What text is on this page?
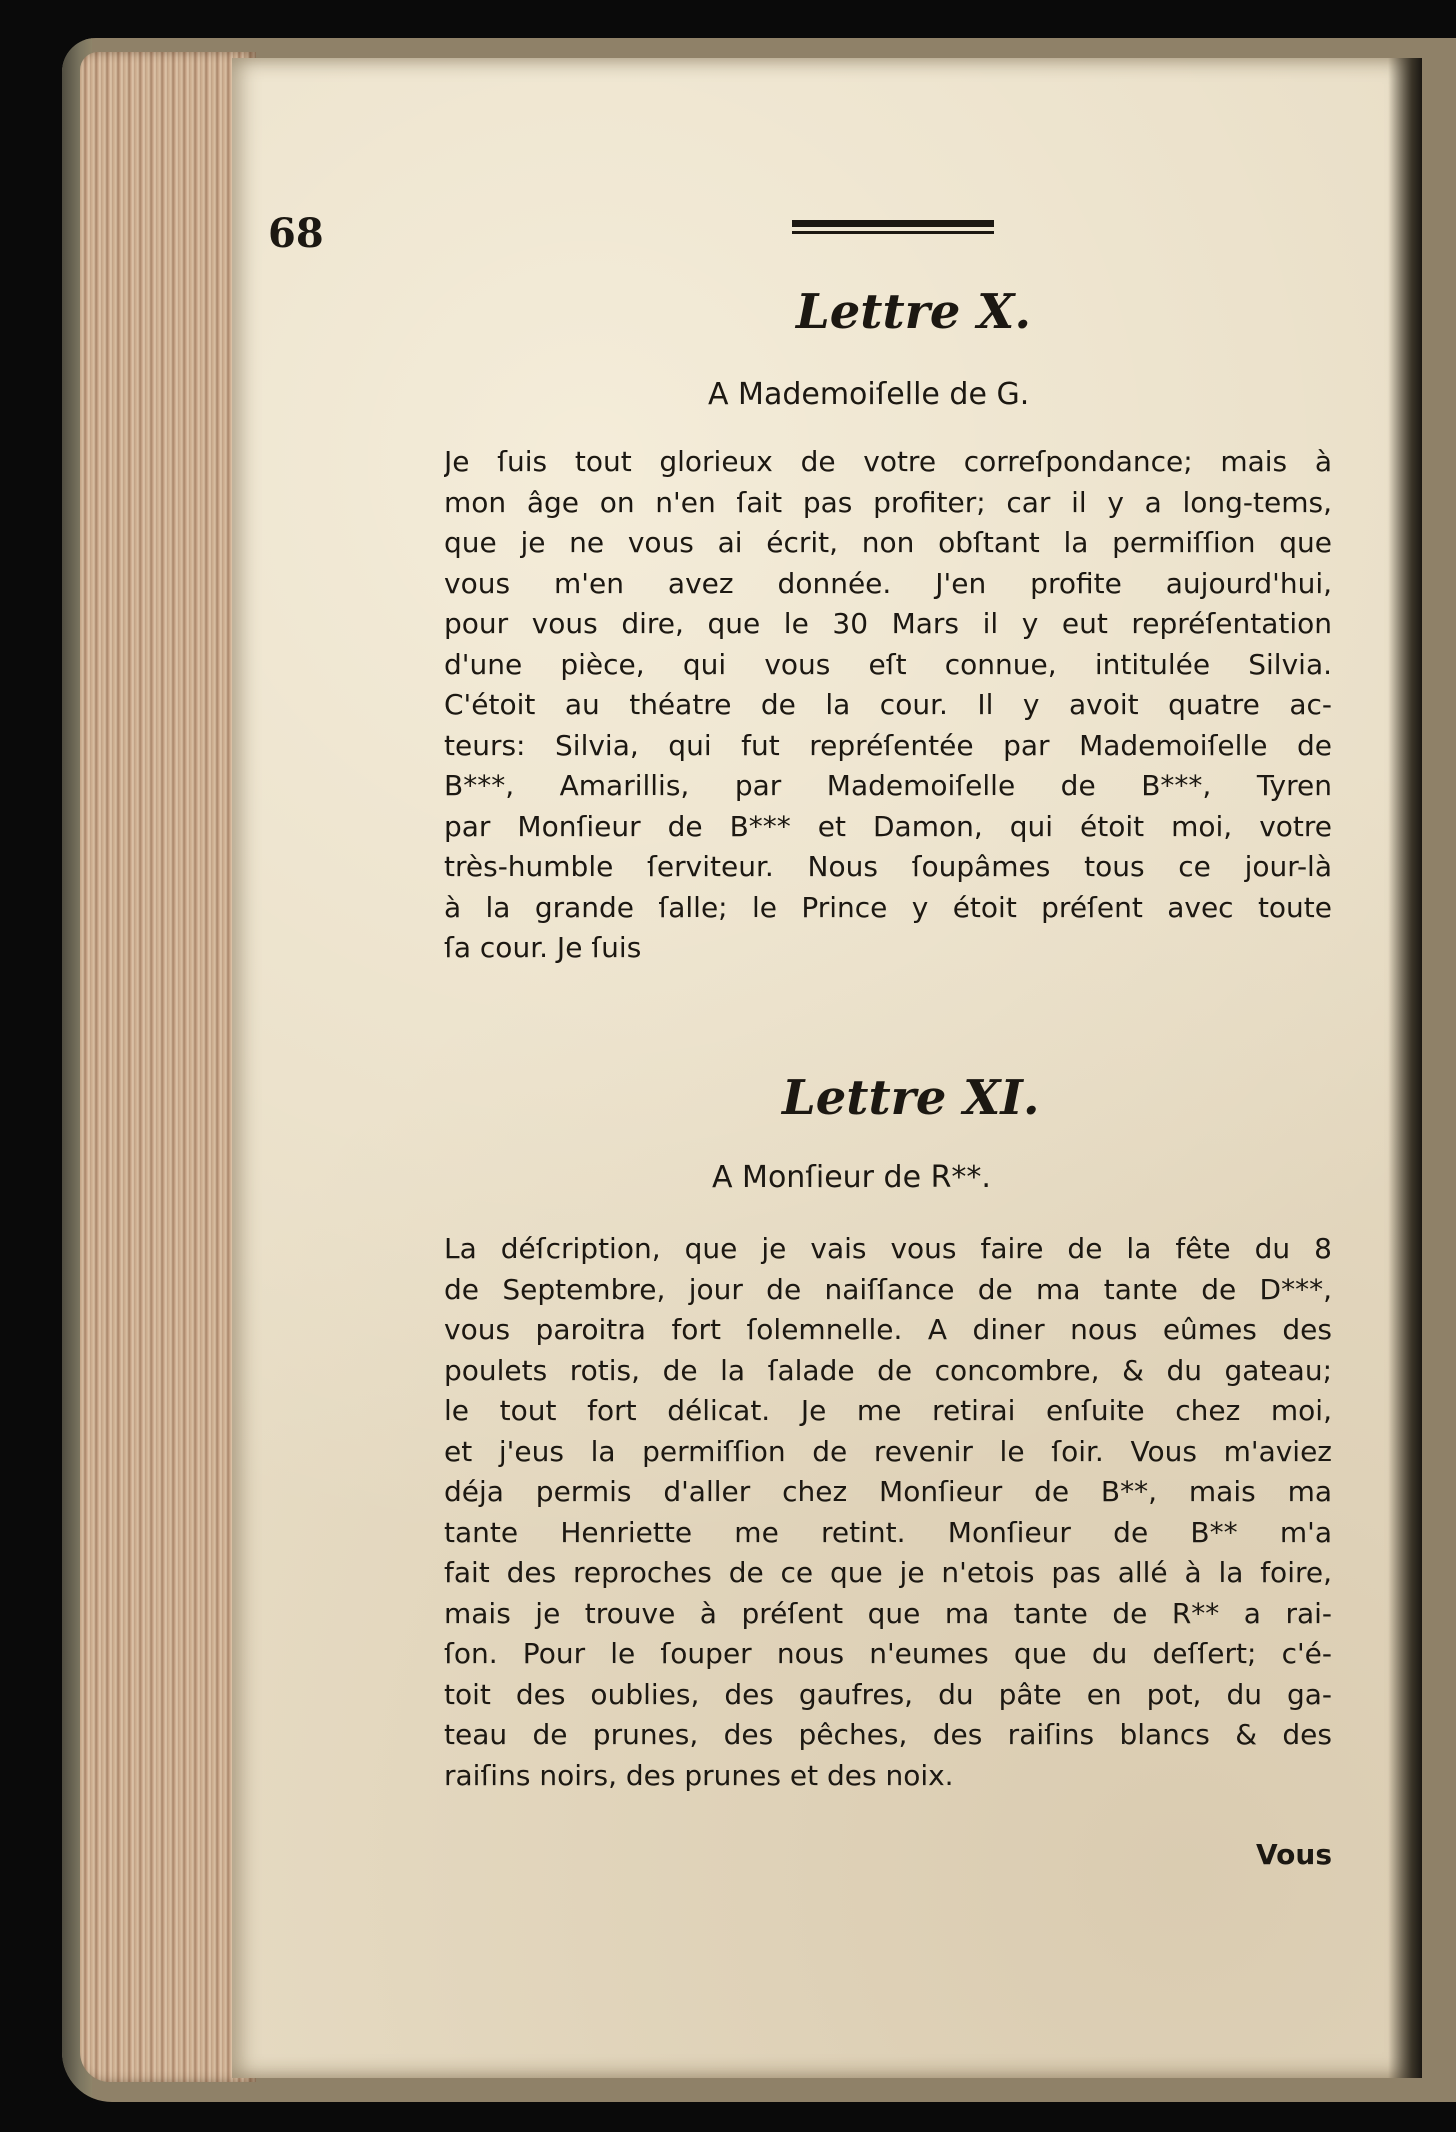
68
Lettre X.
A Mademoiſelle de G.
Je ſuis tout glorieux de votre correſpondance; mais à
mon âge on n'en ſait pas profiter; car il y a long-tems,
que je ne vous ai écrit, non obſtant la permiſſion que
vous m'en avez donnée. J'en profite aujourd'hui,
pour vous dire, que le 30 Mars il y eut repréſentation
d'une pièce, qui vous eſt connue, intitulée Silvia.
C'étoit au théatre de la cour. Il y avoit quatre ac-
teurs: Silvia, qui fut repréſentée par Mademoiſelle de
B***, Amarillis, par Mademoiſelle de B***, Tyren
par Monſieur de B*** et Damon, qui étoit moi, votre
très-humble ſerviteur. Nous ſoupâmes tous ce jour-là
à la grande ſalle; le Prince y étoit préſent avec toute
ſa cour. Je ſuis
Lettre XI.
A Monſieur de R**.
La déſcription, que je vais vous faire de la fête du 8
de Septembre, jour de naiſſance de ma tante de D***,
vous paroitra fort ſolemnelle. A diner nous eûmes des
poulets rotis, de la ſalade de concombre, & du gateau;
le tout fort délicat. Je me retirai enſuite chez moi,
et j'eus la permiſſion de revenir le ſoir. Vous m'aviez
déja permis d'aller chez Monſieur de B**, mais ma
tante Henriette me retint. Monſieur de B** m'a
fait des reproches de ce que je n'etois pas allé à la foire,
mais je trouve à préſent que ma tante de R** a rai-
ſon. Pour le ſouper nous n'eumes que du deſſert; c'é-
toit des oublies, des gaufres, du pâte en pot, du ga-
teau de prunes, des pêches, des raiſins blancs & des
raiſins noirs, des prunes et des noix.
Vous
